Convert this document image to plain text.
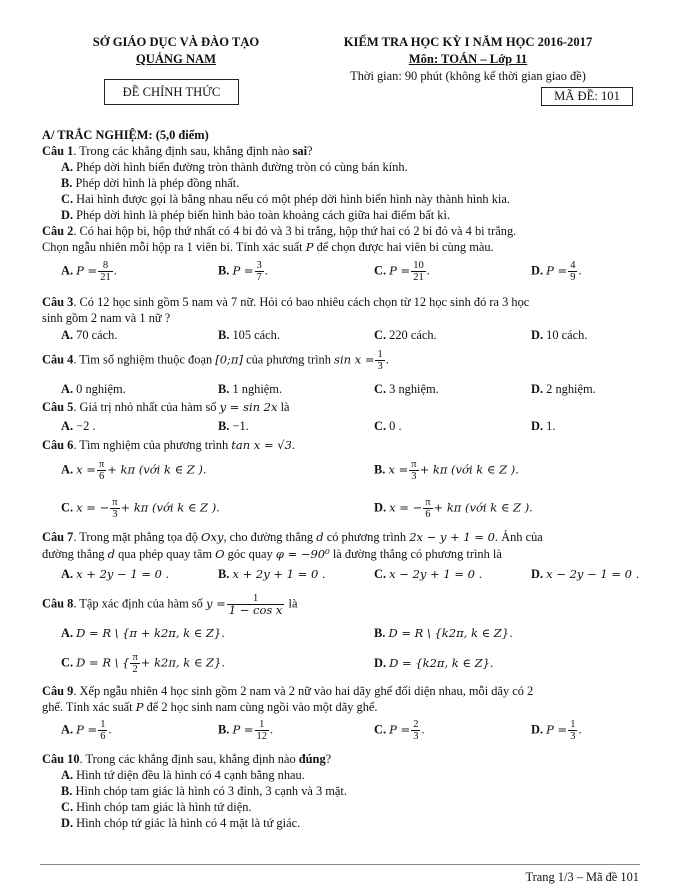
SỞ GIÁO DỤC VÀ ĐÀO TẠO
QUẢNG NAM
ĐỀ CHÍNH THỨC
KIỂM TRA HỌC KỲ I NĂM HỌC 2016-2017
Môn: TOÁN – Lớp 11
Thời gian: 90 phút (không kể thời gian giao đề)
MÃ ĐỀ: 101
A/ TRẮC NGHIỆM: (5,0 điểm)
Câu 1. Trong các khẳng định sau, khẳng định nào sai?
A. Phép dời hình biến đường tròn thành đường tròn có cùng bán kính.
B. Phép dời hình là phép đồng nhất.
C. Hai hình được gọi là bằng nhau nếu có một phép dời hình biến hình này thành hình kia.
D. Phép dời hình là phép biến hình bảo toàn khoảng cách giữa hai điểm bất kì.
Câu 2. Có hai hộp bi, hộp thứ nhất có 4 bi đỏ và 3 bi trắng, hộp thứ hai có 2 bi đỏ và 4 bi trắng.
Chọn ngẫu nhiên mỗi hộp ra 1 viên bi. Tính xác suất P để chọn được hai viên bi cùng màu.
A. $P = \frac{8}{21}$ .	B. $P = \frac{3}{7}$ .	C. $P = \frac{10}{21}$ .	D. $P = \frac{4}{9}$ .
Câu 3. Có 12 học sinh gồm 5 nam và 7 nữ. Hỏi có bao nhiêu cách chọn từ 12 học sinh đó ra 3 học
sinh gồm 2 nam và 1 nữ ?
A. 70 cách.	B. 105 cách.	C. 220 cách.	D. 10 cách.
Câu 4. Tìm số nghiệm thuộc đoạn [0;π] của phương trình $\sin x = \frac{1}{3}$ .
A. 0 nghiệm.	B. 1 nghiệm.	C. 3 nghiệm.	D. 2 nghiệm.
Câu 5. Giá trị nhỏ nhất của hàm số y = sin 2x là
A. −2 .	B. −1.	C. 0 .	D. 1.
Câu 6. Tìm nghiệm của phương trình tan x = √3.
A. $x = \frac{\pi}{6} + k\pi$ (với k ∈ Z ).	B. $x = \frac{\pi}{3} + k\pi$ (với k ∈ Z ).
C. x = − $\frac{\pi}{3} + k\pi$ (với k ∈ Z ).	D. x = − $\frac{\pi}{6} + k\pi$ (với k ∈ Z ).
Câu 7. Trong mặt phẳng tọa độ Oxy, cho đường thẳng d có phương trình 2x − y + 1 = 0. Ảnh của
đường thẳng d qua phép quay tâm O góc quay φ = −90⁰ là đường thẳng có phương trình là
A. x + 2y − 1 = 0 .	B. x + 2y + 1 = 0 .	C. x − 2y + 1 = 0 .	D. x − 2y − 1 = 0 .
Câu 8. Tập xác định của hàm số $y = \frac{1}{\text{1 − cos x}}$ là
A. D = R \ {π + k2π, k ∈ Z}.	B. D = R \ {k2π, k ∈ Z}.
C. D = R \ { $\frac{\pi}{2} + k2\pi$, k ∈ Z}.	D. D = {k2π, k ∈ Z}.
Câu 9. Xếp ngẫu nhiên 4 học sinh gồm 2 nam và 2 nữ vào hai dãy ghế đối diện nhau, mỗi dãy có 2
ghế. Tính xác suất P để 2 học sinh nam cùng ngồi vào một dãy ghế.
A. $P = \frac{1}{6}$ .	B. $P = \frac{1}{12}$ .	C. $P = \frac{2}{3}$ .	D. $P = \frac{1}{3}$ .
Câu 10. Trong các khẳng định sau, khẳng định nào đúng?
A. Hình tứ diện đều là hình có 4 cạnh bằng nhau.
B. Hình chóp tam giác là hình có 3 đỉnh, 3 cạnh và 3 mặt.
C. Hình chóp tam giác là hình tứ diện.
D. Hình chóp tứ giác là hình có 4 mặt là tứ giác.
Trang 1/3 – Mã đề 101
